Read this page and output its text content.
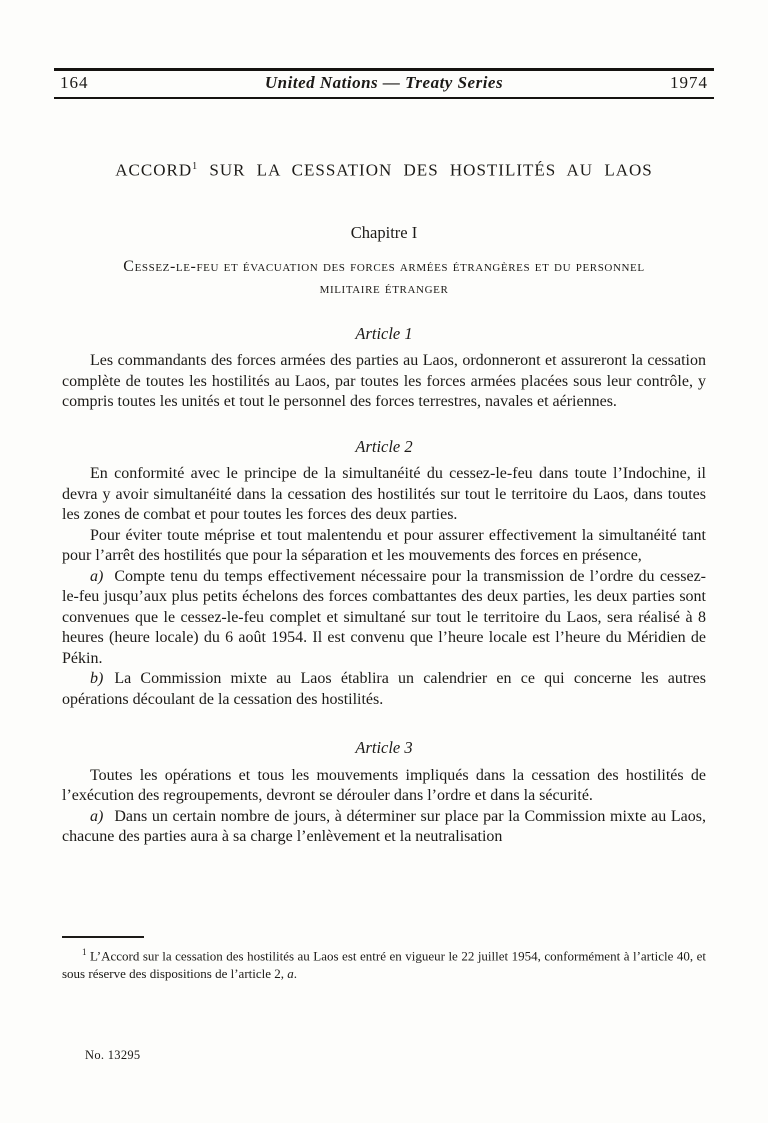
164	United Nations — Treaty Series	1974
ACCORD$^1$ SUR LA CESSATION DES HOSTILITÉS AU LAOS
Chapitre I
Cessez-le-feu et évacuation des forces armées étrangères et du personnel militaire étranger
Article 1

Les commandants des forces armées des parties au Laos, ordonneront et assureront la cessation complète de toutes les hostilités au Laos, par toutes les forces armées placées sous leur contrôle, y compris toutes les unités et tout le personnel des forces terrestres, navales et aériennes.

Article 2

En conformité avec le principe de la simultanéité du cessez-le-feu dans toute l’Indochine, il devra y avoir simultanéité dans la cessation des hostilités sur tout le territoire du Laos, dans toutes les zones de combat et pour toutes les forces des deux parties.

Pour éviter toute méprise et tout malentendu et pour assurer effectivement la simultanéité tant pour l’arrêt des hostilités que pour la séparation et les mouvements des forces en présence,

a) Compte tenu du temps effectivement nécessaire pour la transmission de l’ordre du cessez-le-feu jusqu’aux plus petits échelons des forces combattantes des deux parties, les deux parties sont convenues que le cessez-le-feu complet et simultané sur tout le territoire du Laos, sera réalisé à 8 heures (heure locale) du 6 août 1954. Il est convenu que l’heure locale est l’heure du Méridien de Pékin.

b) La Commission mixte au Laos établira un calendrier en ce qui concerne les autres opérations découlant de la cessation des hostilités.

Article 3

Toutes les opérations et tous les mouvements impliqués dans la cessation des hostilités de l’exécution des regroupements, devront se dérouler dans l’ordre et dans la sécurité.

a) Dans un certain nombre de jours, à déterminer sur place par la Commission mixte au Laos, chacune des parties aura à sa charge l’enlèvement et la neutralisation

$^1$ L’Accord sur la cessation des hostilités au Laos est entré en vigueur le 22 juillet 1954, conformément à l’article 40, et sous réserve des dispositions de l’article 2, a.

No. 13295
